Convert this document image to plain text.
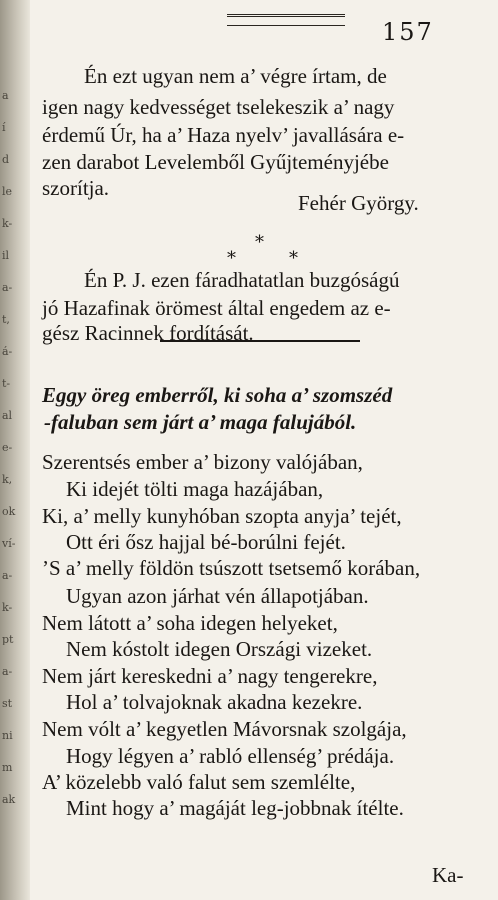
a
í
d
le
k-
il
a-
t,
á-
t-
al
e-
k,
ok
ví-
a-
k-
pt
a-
st
ni
m
ak
157
Én ezt ugyan nem a’ végre írtam, de
igen nagy kedvességet tselekeszik a’ nagy
érdemű Úr, ha a’ Haza nyelv’ javallására e-
zen darabot Levelemből Gyűjteményjébe
szorítja.
Fehér György.
*
*	*
Én P. J. ezen fáradhatatlan buzgóságú
jó Hazafinak örömest által engedem az e-
gész Racinnek fordítását.
Eggy öreg emberről, ki soha a’ szomszéd
-faluban sem járt a’ maga falujából.
Szerentsés ember a’ bizony valójában,
Ki idejét tölti maga hazájában,
Ki, a’ melly kunyhóban szopta anyja’ tejét,
Ott éri ősz hajjal bé-borúlni fejét.
’S a’ melly földön tsúszott tsetsemő korában,
Ugyan azon járhat vén állapotjában.
Nem látott a’ soha idegen helyeket,
Nem kóstolt idegen Országi vizeket.
Nem járt kereskedni a’ nagy tengerekre,
Hol a’ tolvajoknak akadna kezekre.
Nem vólt a’ kegyetlen Mávorsnak szolgája,
Hogy légyen a’ rabló ellenség’ prédája.
A’ közelebb való falut sem szemlélte,
Mint hogy a’ magáját leg-jobbnak ítélte.
Ka-
